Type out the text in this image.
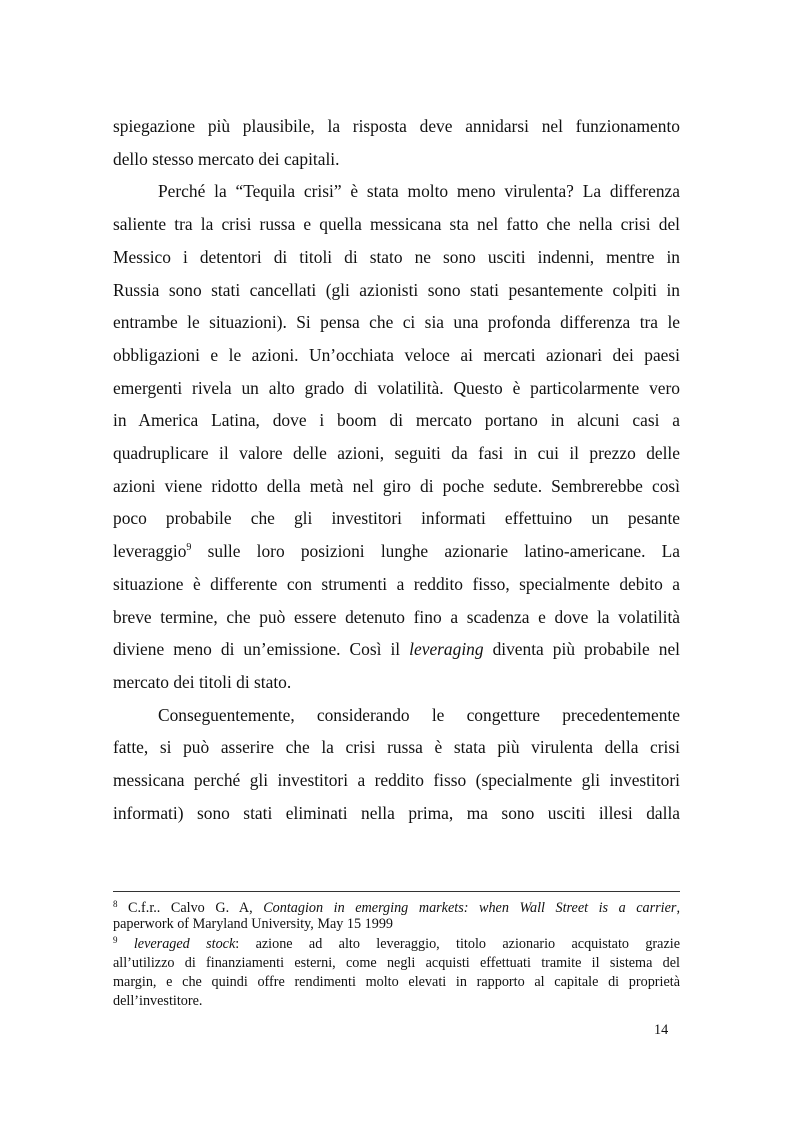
spiegazione più plausibile, la risposta deve annidarsi nel funzionamento
dello stesso mercato dei capitali.
Perché la “Tequila crisi” è stata molto meno virulenta? La differenza
saliente tra la crisi russa e quella messicana sta nel fatto che nella crisi del
Messico i detentori di titoli di stato ne sono usciti indenni, mentre in
Russia sono stati cancellati (gli azionisti sono stati pesantemente colpiti in
entrambe le situazioni). Si pensa che ci sia una profonda differenza tra le
obbligazioni e le azioni. Un’occhiata veloce ai mercati azionari dei paesi
emergenti rivela un alto grado di volatilità. Questo è particolarmente vero
in America Latina, dove i boom di mercato portano in alcuni casi a
quadruplicare il valore delle azioni, seguiti da fasi in cui il prezzo delle
azioni viene ridotto della metà nel giro di poche sedute. Sembrerebbe così
poco probabile che gli investitori informati effettuino un pesante
leveraggio$^9$ sulle loro posizioni lunghe azionarie latino-americane. La
situazione è differente con strumenti a reddito fisso, specialmente debito a
breve termine, che può essere detenuto fino a scadenza e dove la volatilità
diviene meno di un’emissione. Così il leveraging diventa più probabile nel
mercato dei titoli di stato.
Conseguentemente, considerando le congetture precedentemente
fatte, si può asserire che la crisi russa è stata più virulenta della crisi
messicana perché gli investitori a reddito fisso (specialmente gli investitori
informati) sono stati eliminati nella prima, ma sono usciti illesi dalla
$^8$ C.f.r.. Calvo G. A, Contagion in emerging markets: when Wall Street is a carrier,
paperwork of Maryland University, May 15 1999
$^9$ leveraged stock: azione ad alto leveraggio, titolo azionario acquistato grazie
all’utilizzo di finanziamenti esterni, come negli acquisti effettuati tramite il sistema del
margin, e che quindi offre rendimenti molto elevati in rapporto al capitale di proprietà
dell’investitore.
14
